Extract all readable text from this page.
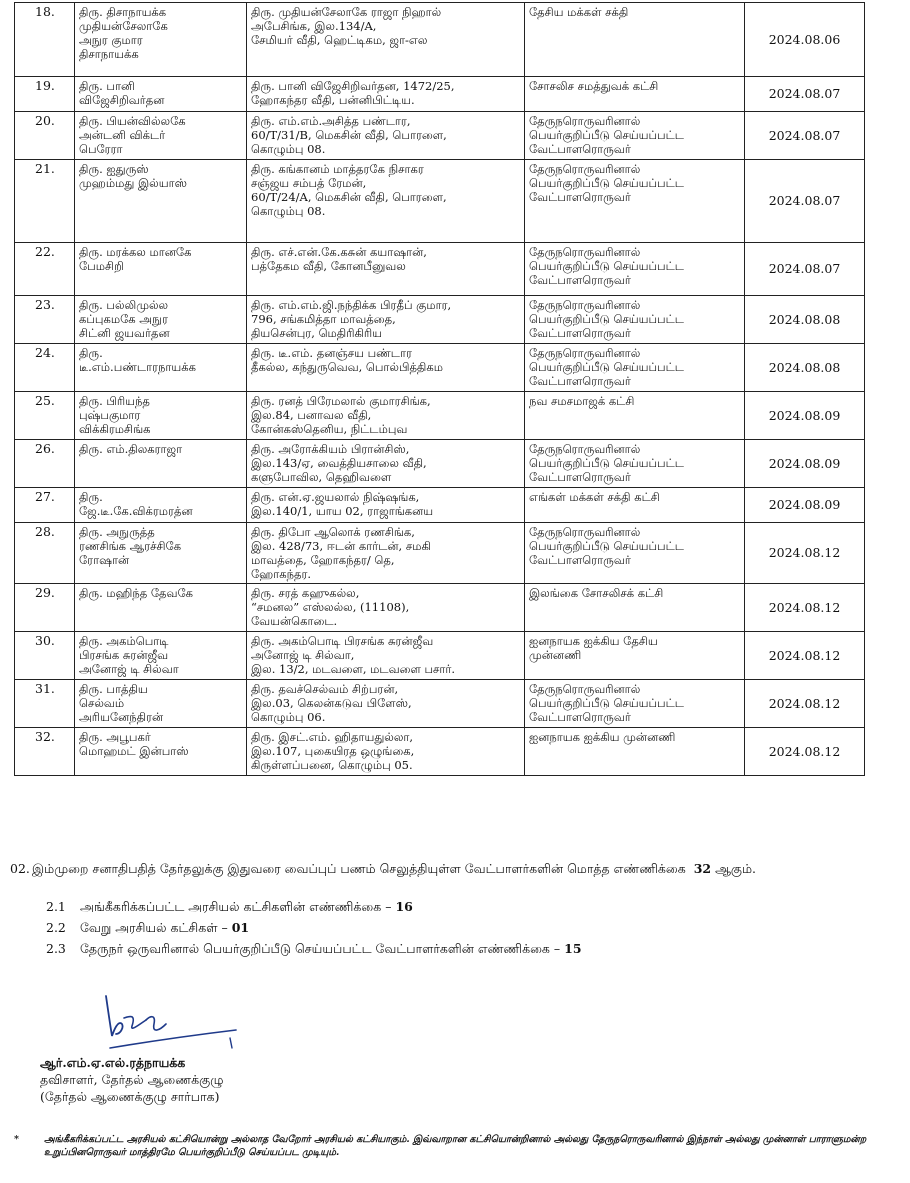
18.	திரு. திசாநாயக்க
முதியன்சேலாகே
அநுர குமார
திசாநாயக்க	திரு. முதியன்சேலாகே ராஜா நிஹால்
அபேசிங்க, இல.134/A,
சேமியர் வீதி, ஹெட்டிகம, ஜா-எல	தேசிய மக்கள் சக்தி	2024.08.06
19.	திரு. பானி
விஜேசிறிவர்தன	திரு. பானி விஜேசிறிவர்தன, 1472/25,
ஹோகந்தர வீதி, பன்னிபிட்டிய.	சோசலிச சமத்துவக் கட்சி	2024.08.07
20.	திரு. பியன்வில்லகே
அன்டனி விக்டர்
பெரேரா	திரு. எம்.எம்.அசித்த பண்டார,
60/T/31/B, மெகசின் வீதி, பொரளை,
கொழும்பு 08.	தேருநரொருவரினால்
பெயர்குறிப்பீடு செய்யப்பட்ட
வேட்பாளரொருவர்	2024.08.07
21.	திரு. ஐதுருஸ்
முஹம்மது இல்யாஸ்	திரு. கங்கானம் மாத்தரகே நிசாகர
சஞ்ஜய சம்பத் ரேமன்,
60/T/24/A, மெகசின் வீதி, பொரளை,
கொழும்பு 08.	தேருநரொருவரினால்
பெயர்குறிப்பீடு செய்யப்பட்ட
வேட்பாளரொருவர்	2024.08.07
22.	திரு. மரக்கல மானகே
பேமசிறி	திரு. எச்.என்.கே.கசுன் கயாஷான்,
பத்தேகம வீதி, கோனபீனுவல	தேருநரொருவரினால்
பெயர்குறிப்பீடு செய்யப்பட்ட
வேட்பாளரொருவர்	2024.08.07
23.	திரு. பல்லிமுல்ல
கப்புகமகே அநுர
சிட்னி ஜயவர்தன	திரு. எம்.எம்.ஜி.நந்திக்க பிரதீப் குமார,
796, சங்கமித்தா மாவத்தை,
தியசென்புர, மெதிரிகிரிய	தேருநரொருவரினால்
பெயர்குறிப்பீடு செய்யப்பட்ட
வேட்பாளரொருவர்	2024.08.08
24.	திரு.
டீ.எம்.பண்டாரநாயக்க	திரு. டீ.எம். தனஞ்சய பண்டார
தீகல்ல, கந்துருவெவ, பொல்பித்திகம	தேருநரொருவரினால்
பெயர்குறிப்பீடு செய்யப்பட்ட
வேட்பாளரொருவர்	2024.08.08
25.	திரு. பிரியந்த
புஷ்பகுமார
விக்கிரமசிங்க	திரு. ரனத் பிரேமலால் குமாரசிங்க,
இல.84, பனாவல வீதி,
கோன்கஸ்தெனிய, நிட்டம்புவ	நவ சமசமாஜக் கட்சி	2024.08.09
26.	திரு. எம்.திலகராஜா	திரு. அரோக்கியம் பிரான்சிஸ்,
இல.143/ஏ, வைத்தியசாலை வீதி,
களுபோவில, தெஹிவளை	தேருநரொருவரினால்
பெயர்குறிப்பீடு செய்யப்பட்ட
வேட்பாளரொருவர்	2024.08.09
27.	திரு.
ஜே.டீ.கே.விக்ரமரத்ன	திரு. என்.ஏ.ஜயலால் நிஷ்ஷங்க,
இல.140/1, யாய 02, ராஜாங்கனய	எங்கள் மக்கள் சக்தி கட்சி	2024.08.09
28.	திரு. அநுருத்த
ரணசிங்க ஆரச்சிகே
ரோஷான்	திரு. திபோ ஆலொக் ரணசிங்க,
இல. 428/73, ஈடன் கார்டன், சமகி
மாவத்தை, ஹோகந்தர/ தெ,
ஹோகந்தர.	தேருநரொருவரினால்
பெயர்குறிப்பீடு செய்யப்பட்ட
வேட்பாளரொருவர்	2024.08.12
29.	திரு. மஹிந்த தேவகே	திரு. சரத் கஹுகல்ல,
“சமனல” எஸ்லல்ல, (11108),
வேயன்கொடை.	இலங்கை சோசலிசக் கட்சி	2024.08.12
30.	திரு. அகம்பொடி
பிரசங்க சுரன்ஜீவ
அனோஜ் டி சில்வா	திரு. அகம்பொடி பிரசங்க சுரன்ஜீவ
அனோஜ் டி சில்வா,
இல. 13/2, மடவளை, மடவளை பசார்.	ஐனநாயக ஐக்கிய தேசிய
முன்னணி	2024.08.12
31.	திரு. பாத்திய
செல்வம்
அரியனேந்திரன்	திரு. தவச்செல்வம் சிற்பரன்,
இல.03, கெலன்கடுவ பிளேஸ்,
கொழும்பு 06.	தேருநரொருவரினால்
பெயர்குறிப்பீடு செய்யப்பட்ட
வேட்பாளரொருவர்	2024.08.12
32.	திரு. அபூபகர்
மொஹமட் இன்பாஸ்	திரு. இசட்.எம். ஹிதாயதுல்லா,
இல.107, புகையிரத ஒழுங்கை,
கிருள்ளப்பனை, கொழும்பு 05.	ஐனநாயக ஐக்கிய முன்னணி	2024.08.12
02. இம்முறை சனாதிபதித் தேர்தலுக்கு இதுவரை வைப்புப் பணம் செலுத்தியுள்ள வேட்பாளர்களின் மொத்த எண்ணிக்கை 32 ஆகும்.
2.1	அங்கீகரிக்கப்பட்ட அரசியல் கட்சிகளின் எண்ணிக்கை – 16
2.2	வேறு அரசியல் கட்சிகள் – 01
2.3	தேருநர் ஒருவரினால் பெயர்குறிப்பீடு செய்யப்பட்ட வேட்பாளர்களின் எண்ணிக்கை – 15
ஆர்.எம்.ஏ.எல்.ரத்நாயக்க
தவிசாளர், தேர்தல் ஆணைக்குழு
(தேர்தல் ஆணைக்குழு சார்பாக)
*	அங்கீகரிக்கப்பட்ட அரசியல் கட்சியொன்று அல்லாத வேறோர் அரசியல் கட்சியாகும். இவ்வாறான கட்சியொன்றினால் அல்லது தேருநரொருவரினால் இந்நாள் அல்லது முன்னாள் பாராளுமன்ற உறுப்பினரொருவர் மாத்திரமே பெயர்குறிப்பீடு செய்யப்பட முடியும்.
